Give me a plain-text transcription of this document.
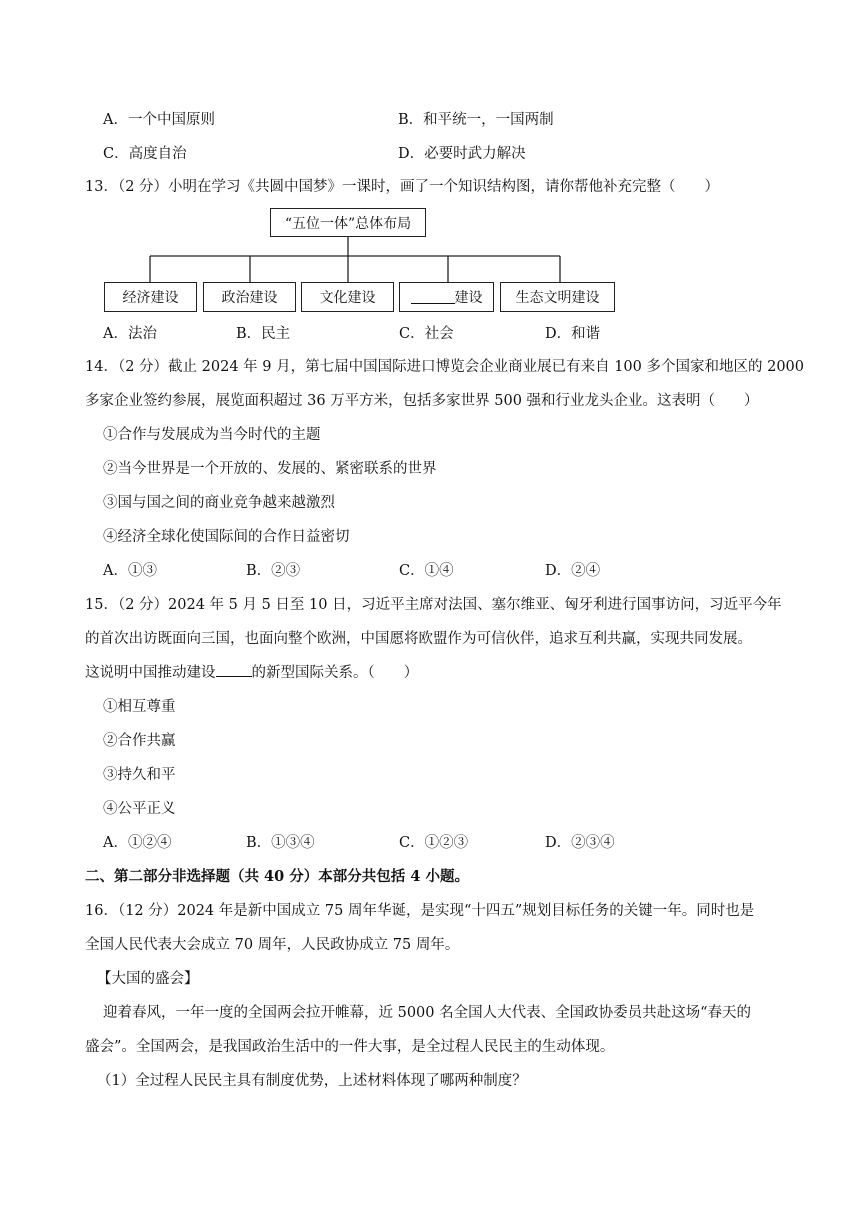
A．一个中国原则	B．和平统一，一国两制
C．高度自治	D．必要时武力解决
13．（2 分）小明在学习《共圆中国梦》一课时，画了一个知识结构图，请你帮他补充完整（　　）
“五位一体”总体布局
经济建设	政治建设	文化建设	建设 生态文明建设
A．法治	B．民主	C．社会	D．和谐
14．（2 分）截止 2024 年 9 月，第七届中国国际进口博览会企业商业展已有来自 100 多个国家和地区的 2000
多家企业签约参展，展览面积超过 36 万平方米，包括多家世界 500 强和行业龙头企业。这表明（　　）
①合作与发展成为当今时代的主题
②当今世界是一个开放的、发展的、紧密联系的世界
③国与国之间的商业竞争越来越激烈
④经济全球化使国际间的合作日益密切
A．①③	B．②③	C．①④	D．②④
15．（2 分）2024 年 5 月 5 日至 10 日，习近平主席对法国、塞尔维亚、匈牙利进行国事访问，习近平今年
的首次出访既面向三国，也面向整个欧洲，中国愿将欧盟作为可信伙伴，追求互利共赢，实现共同发展。
这说明中国推动建设 的新型国际关系。（　　）
①相互尊重
②合作共赢
③持久和平
④公平正义
A．①②④	B．①③④	C．①②③	D．②③④
二、第二部分非选择题（共 40 分）本部分共包括 4 小题。
16．（12 分）2024 年是新中国成立 75 周年华诞，是实现“十四五”规划目标任务的关键一年。同时也是
全国人民代表大会成立 70 周年，人民政协成立 75 周年。
【大国的盛会】
迎着春风，一年一度的全国两会拉开帷幕，近 5000 名全国人大代表、全国政协委员共赴这场“春天的
盛会”。全国两会，是我国政治生活中的一件大事，是全过程人民民主的生动体现。
（1）全过程人民民主具有制度优势，上述材料体现了哪两种制度？
